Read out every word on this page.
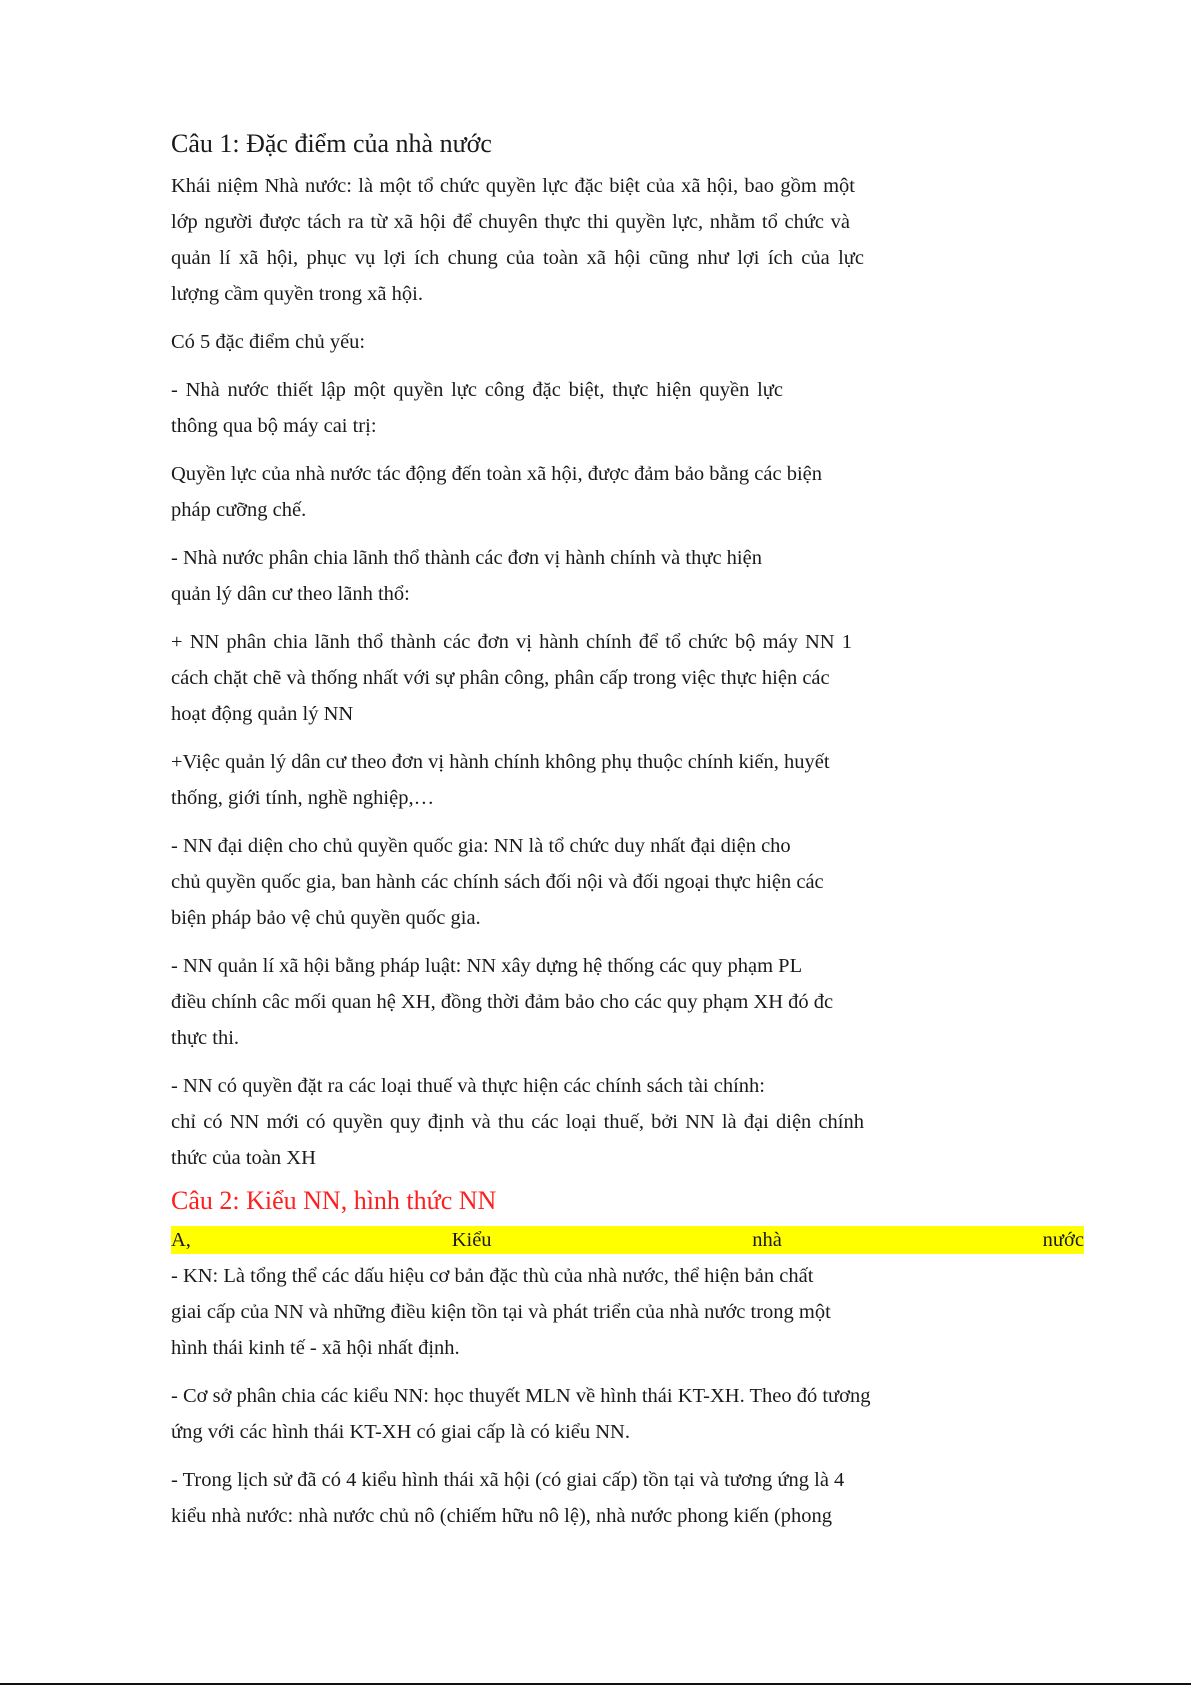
Câu 1: Đặc điểm của nhà nước
Khái niệm Nhà nước: là một tổ chức quyền lực đặc biệt của xã hội, bao gồm một
lớp người được tách ra từ xã hội để chuyên thực thi quyền lực, nhằm tổ chức và
quản lí xã hội, phục vụ lợi ích chung của toàn xã hội cũng như lợi ích của lực
lượng cầm quyền trong xã hội.
Có 5 đặc điểm chủ yếu:
- Nhà nước thiết lập một quyền lực công đặc biệt, thực hiện quyền lực
thông qua bộ máy cai trị:
Quyền lực của nhà nước tác động đến toàn xã hội, được đảm bảo bằng các biện
pháp cưỡng chế.
- Nhà nước phân chia lãnh thổ thành các đơn vị hành chính và thực hiện
quản lý dân cư theo lãnh thổ:
+ NN phân chia lãnh thổ thành các đơn vị hành chính để tổ chức bộ máy NN 1
cách chặt chẽ và thống nhất với sự phân công, phân cấp trong việc thực hiện các
hoạt động quản lý NN
+Việc quản lý dân cư theo đơn vị hành chính không phụ thuộc chính kiến, huyết
thống, giới tính, nghề nghiệp,…
- NN đại diện cho chủ quyền quốc gia: NN là tổ chức duy nhất đại diện cho
chủ quyền quốc gia, ban hành các chính sách đối nội và đối ngoại thực hiện các
biện pháp bảo vệ chủ quyền quốc gia.
- NN quản lí xã hội bằng pháp luật: NN xây dựng hệ thống các quy phạm PL
điều chính câc mối quan hệ XH, đồng thời đảm bảo cho các quy phạm XH đó đc
thực thi.
- NN có quyền đặt ra các loại thuế và thực hiện các chính sách tài chính:
chỉ có NN mới có quyền quy định và thu các loại thuế, bởi NN là đại diện chính
thức của toàn XH
Câu 2: Kiểu NN, hình thức NN
A,	Kiểu	nhà	nước
- KN: Là tổng thể các dấu hiệu cơ bản đặc thù của nhà nước, thể hiện bản chất
giai cấp của NN và những điều kiện tồn tại và phát triển của nhà nước trong một
hình thái kinh tế - xã hội nhất định.
- Cơ sở phân chia các kiểu NN: học thuyết MLN về hình thái KT-XH. Theo đó tương
ứng với các hình thái KT-XH có giai cấp là có kiểu NN.
- Trong lịch sử đã có 4 kiểu hình thái xã hội (có giai cấp) tồn tại và tương ứng là 4
kiểu nhà nước: nhà nước chủ nô (chiếm hữu nô lệ), nhà nước phong kiến (phong
